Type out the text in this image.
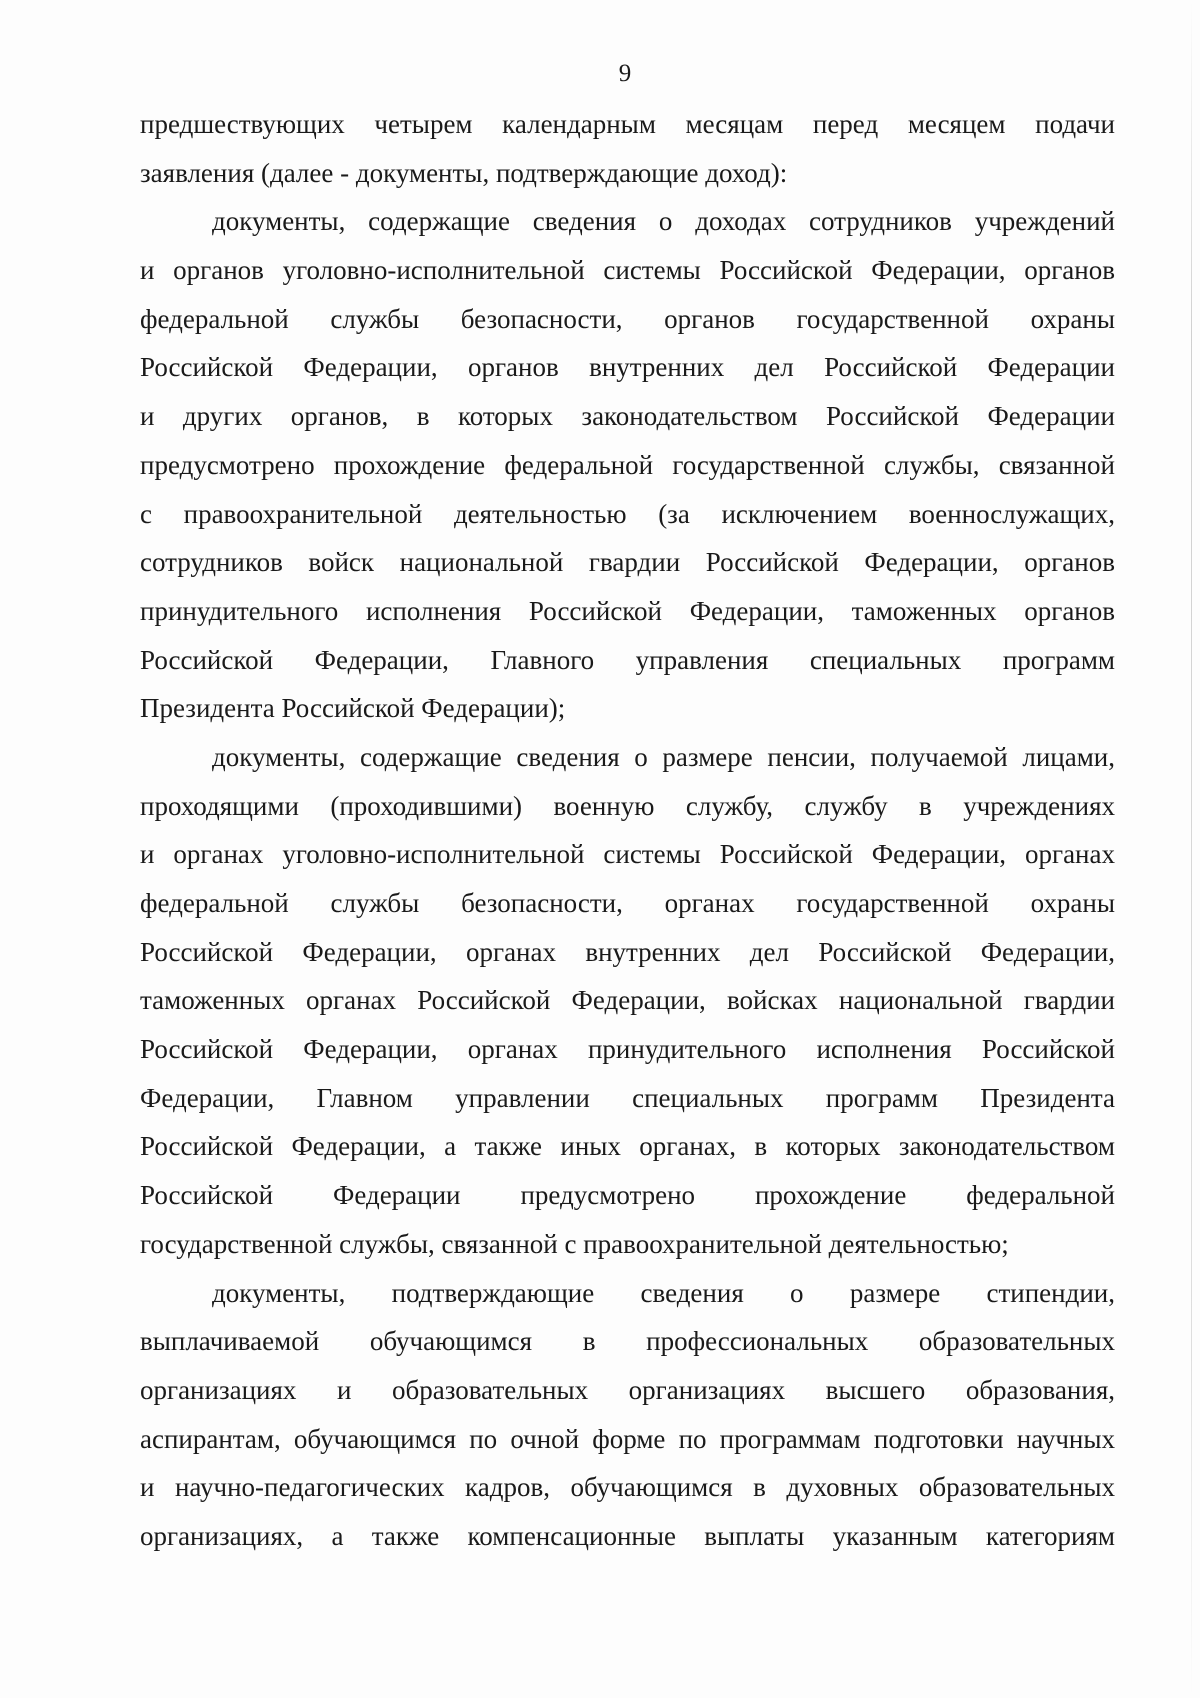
9
предшествующих четырем календарным месяцам перед месяцем подачи
заявления (далее - документы, подтверждающие доход):
документы, содержащие сведения о доходах сотрудников учреждений
и органов уголовно-исполнительной системы Российской Федерации, органов
федеральной службы безопасности, органов государственной охраны
Российской Федерации, органов внутренних дел Российской Федерации
и других органов, в которых законодательством Российской Федерации
предусмотрено прохождение федеральной государственной службы, связанной
с правоохранительной деятельностью (за исключением военнослужащих,
сотрудников войск национальной гвардии Российской Федерации, органов
принудительного исполнения Российской Федерации, таможенных органов
Российской Федерации, Главного управления специальных программ
Президента Российской Федерации);
документы, содержащие сведения о размере пенсии, получаемой лицами,
проходящими (проходившими) военную службу, службу в учреждениях
и органах уголовно-исполнительной системы Российской Федерации, органах
федеральной службы безопасности, органах государственной охраны
Российской Федерации, органах внутренних дел Российской Федерации,
таможенных органах Российской Федерации, войсках национальной гвардии
Российской Федерации, органах принудительного исполнения Российской
Федерации, Главном управлении специальных программ Президента
Российской Федерации, а также иных органах, в которых законодательством
Российской Федерации предусмотрено прохождение федеральной
государственной службы, связанной с правоохранительной деятельностью;
документы, подтверждающие сведения о размере стипендии,
выплачиваемой обучающимся в профессиональных образовательных
организациях и образовательных организациях высшего образования,
аспирантам, обучающимся по очной форме по программам подготовки научных
и научно-педагогических кадров, обучающимся в духовных образовательных
организациях, а также компенсационные выплаты указанным категориям
